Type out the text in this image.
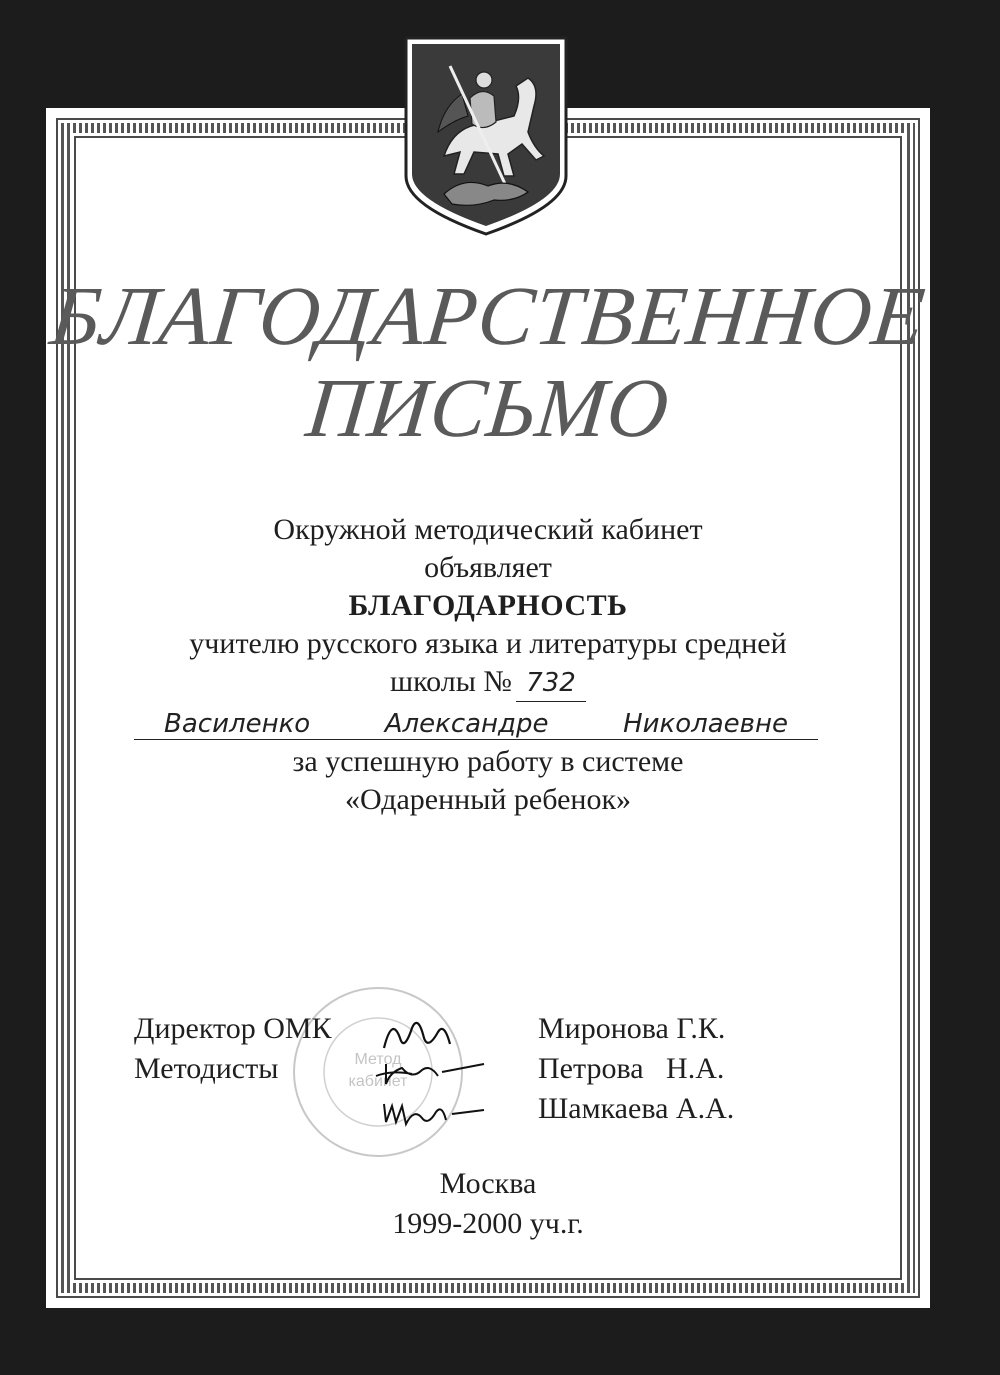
БЛАГОДАРСТВЕННОЕ
ПИСЬМО
Окружной методический кабинет
объявляет
БЛАГОДАРНОСТЬ
учителю русского языка и литературы средней
школы № 732
Василенко	Александре	Николаевне
за успешную работу в системе
«Одаренный ребенок»
Метод
кабинет
Директор ОМК
Методисты
Миронова Г.К.
Петрова   Н.А.
Шамкаева А.А.
Москва
1999-2000 уч.г.
